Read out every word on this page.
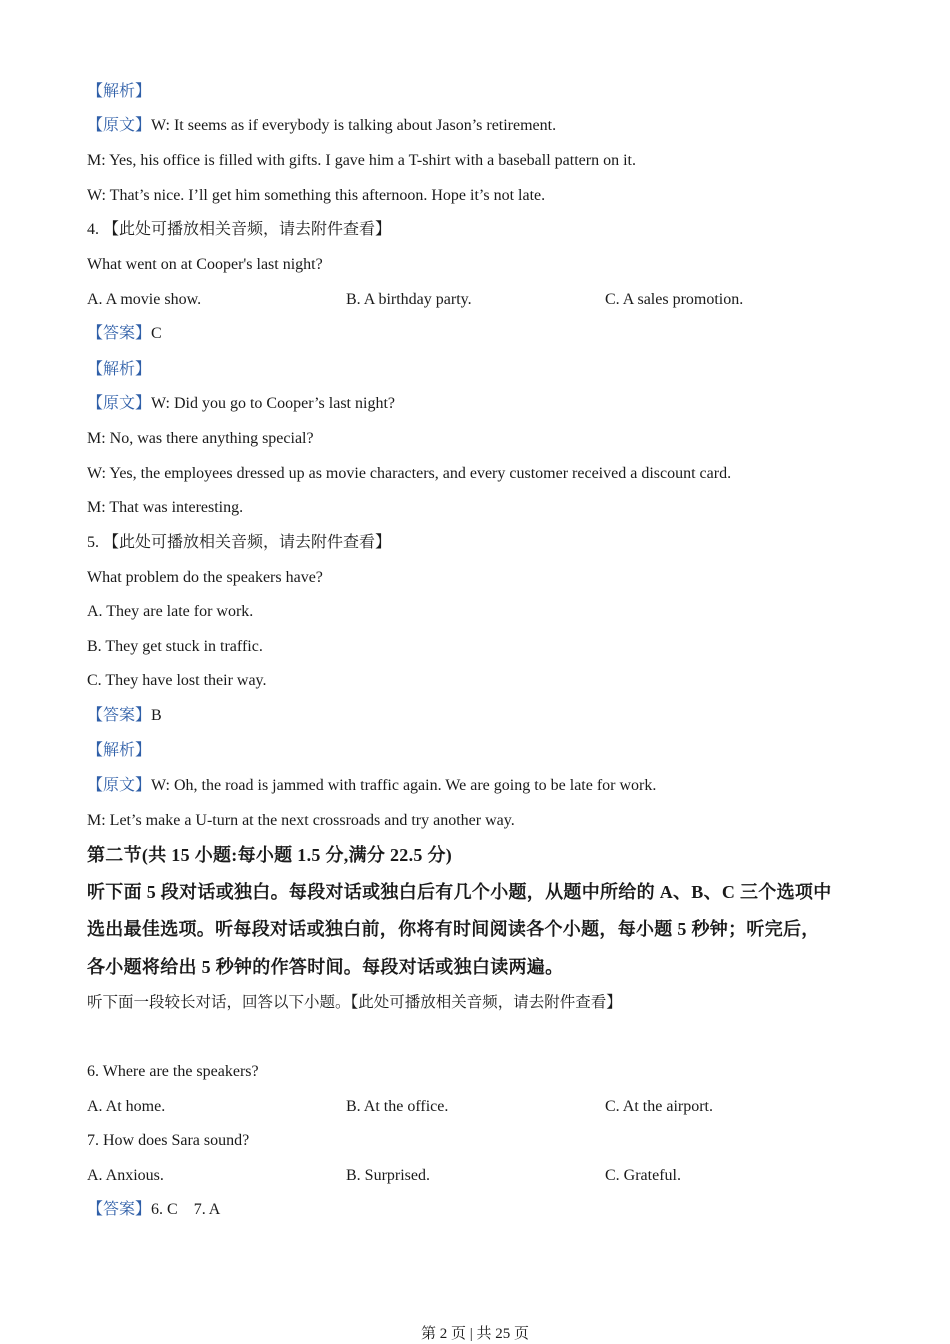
【解析】

【原文】W: It seems as if everybody is talking about Jason’s retirement.

M: Yes, his office is filled with gifts. I gave him a T-shirt with a baseball pattern on it.

W: That’s nice. I’ll get him something this afternoon. Hope it’s not late.

4. 【此处可播放相关音频，请去附件查看】

What went on at Cooper's last night?

A. A movie show.	B. A birthday party.	C. A sales promotion.

【答案】C

【解析】

【原文】W: Did you go to Cooper’s last night?

M: No, was there anything special?

W: Yes, the employees dressed up as movie characters, and every customer received a discount card.

M: That was interesting.

5. 【此处可播放相关音频，请去附件查看】

What problem do the speakers have?

A. They are late for work.

B. They get stuck in traffic.

C. They have lost their way.

【答案】B

【解析】

【原文】W: Oh, the road is jammed with traffic again. We are going to be late for work.

M: Let’s make a U-turn at the next crossroads and try another way.

第二节(共 15 小题:每小题 1.5 分,满分 22.5 分)

听下面 5 段对话或独白。每段对话或独白后有几个小题，从题中所给的 A、B、C 三个选项中

选出最佳选项。听每段对话或独白前，你将有时间阅读各个小题，每小题 5 秒钟；听完后，

各小题将给出 5 秒钟的作答时间。每段对话或独白读两遍。

听下面一段较长对话，回答以下小题。【此处可播放相关音频，请去附件查看】

6. Where are the speakers?

A. At home.	B. At the office.	C. At the airport.

7. How does Sara sound?

A. Anxious.	B. Surprised.	C. Grateful.

【答案】6. C    7. A

第 2 页 | 共 25 页
